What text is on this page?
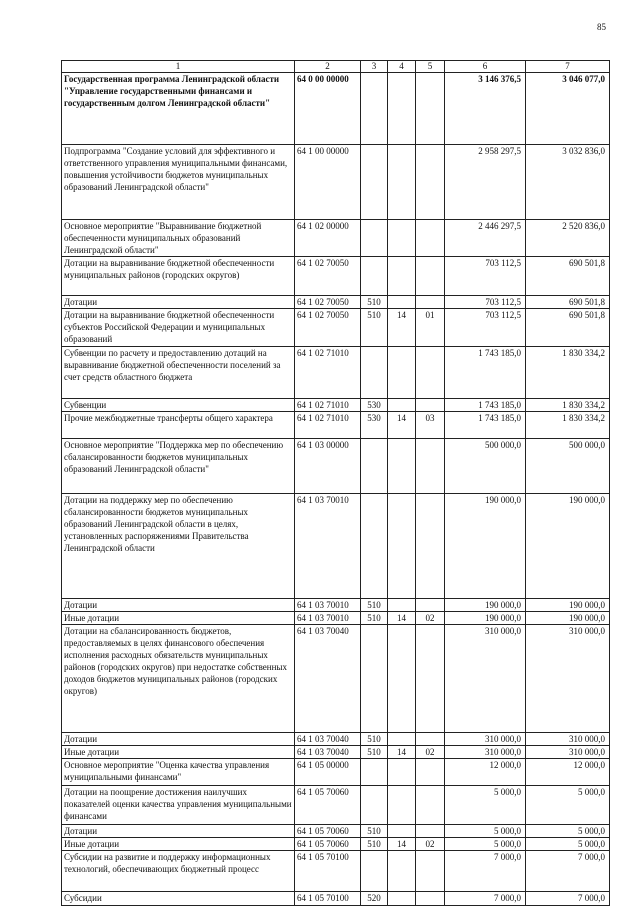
85
1	2	3	4	5	6	7
Государственная программа Ленинградской области "Управление государственными финансами и государственным долгом Ленинградской области"	64 0 00 00000				3 146 376,5	3 046 077,0
Подпрограмма "Создание условий для эффективного и ответственного управления муниципальными финансами, повышения устойчивости бюджетов муниципальных образований Ленинградской области"	64 1 00 00000				2 958 297,5	3 032 836,0
Основное мероприятие "Выравнивание бюджетной обеспеченности муниципальных образований Ленинградской области"	64 1 02 00000				2 446 297,5	2 520 836,0
Дотации на выравнивание бюджетной обеспеченности муниципальных районов (городских округов)	64 1 02 70050				703 112,5	690 501,8
Дотации	64 1 02 70050	510			703 112,5	690 501,8
Дотации на выравнивание бюджетной обеспеченности субъектов Российской Федерации и муниципальных образований	64 1 02 70050	510	14	01	703 112,5	690 501,8
Субвенции по расчету и предоставлению дотаций на выравнивание бюджетной обеспеченности поселений за счет средств областного бюджета	64 1 02 71010				1 743 185,0	1 830 334,2
Субвенции	64 1 02 71010	530			1 743 185,0	1 830 334,2
Прочие межбюджетные трансферты общего характера	64 1 02 71010	530	14	03	1 743 185,0	1 830 334,2
Основное мероприятие "Поддержка мер по обеспечению сбалансированности бюджетов муниципальных образований Ленинградской области"	64 1 03 00000				500 000,0	500 000,0
Дотации на поддержку мер по обеспечению сбалансированности бюджетов муниципальных образований Ленинградской области в целях, установленных распоряжениями Правительства Ленинградской области	64 1 03 70010				190 000,0	190 000,0
Дотации	64 1 03 70010	510			190 000,0	190 000,0
Иные дотации	64 1 03 70010	510	14	02	190 000,0	190 000,0
Дотации на сбалансированность бюджетов, предоставляемых в целях финансового обеспечения исполнения расходных обязательств муниципальных районов (городских округов) при недостатке собственных доходов бюджетов муниципальных районов (городских округов)	64 1 03 70040				310 000,0	310 000,0
Дотации	64 1 03 70040	510			310 000,0	310 000,0
Иные дотации	64 1 03 70040	510	14	02	310 000,0	310 000,0
Основное мероприятие "Оценка качества управления муниципальными финансами"	64 1 05 00000				12 000,0	12 000,0
Дотации на поощрение достижения наилучших показателей оценки качества управления муниципальными финансами	64 1 05 70060				5 000,0	5 000,0
Дотации	64 1 05 70060	510			5 000,0	5 000,0
Иные дотации	64 1 05 70060	510	14	02	5 000,0	5 000,0
Субсидии на развитие и поддержку информационных технологий, обеспечивающих бюджетный процесс	64 1 05 70100				7 000,0	7 000,0
Субсидии	64 1 05 70100	520			7 000,0	7 000,0
